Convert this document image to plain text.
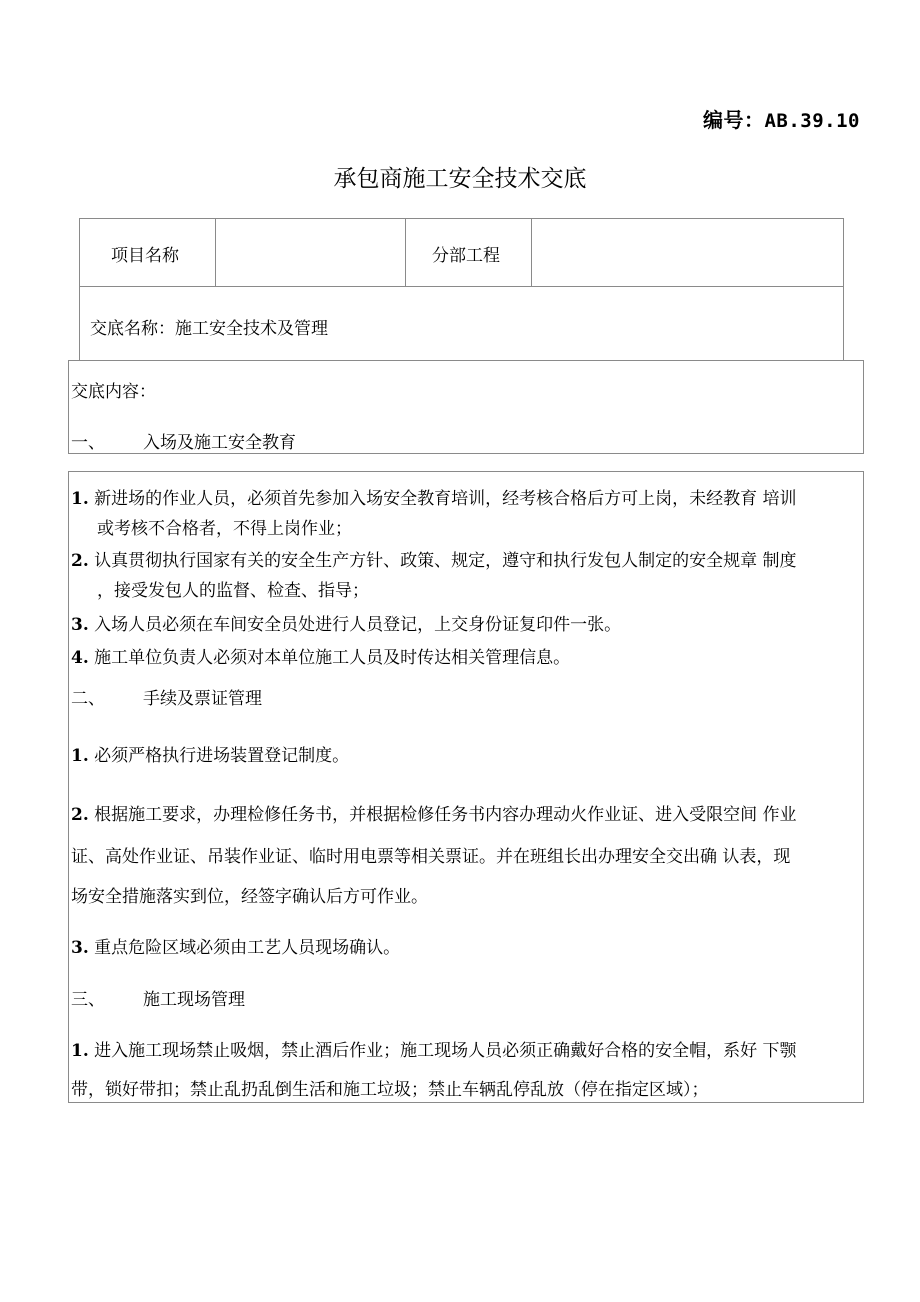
编号：AB.39.10
承包商施工安全技术交底
项目名称	分部工程
交底名称：施工安全技术及管理
交底内容：
一、 入场及施工安全教育
1. 新进场的作业人员，必须首先参加入场安全教育培训，经考核合格后方可上岗，未经教育 培训
或考核不合格者，不得上岗作业；
2. 认真贯彻执行国家有关的安全生产方针、政策、规定，遵守和执行发包人制定的安全规章 制度
，接受发包人的监督、检查、指导；
3. 入场人员必须在车间安全员处进行人员登记，上交身份证复印件一张。
4. 施工单位负责人必须对本单位施工人员及时传达相关管理信息。
二、 手续及票证管理
1. 必须严格执行进场装置登记制度。
2. 根据施工要求，办理检修任务书，并根据检修任务书内容办理动火作业证、进入受限空间 作业
证、高处作业证、吊装作业证、临时用电票等相关票证。并在班组长出办理安全交出确 认表，现
场安全措施落实到位，经签字确认后方可作业。
3. 重点危险区域必须由工艺人员现场确认。
三、 施工现场管理
1. 进入施工现场禁止吸烟，禁止酒后作业；施工现场人员必须正确戴好合格的安全帽，系好 下颚
带，锁好带扣；禁止乱扔乱倒生活和施工垃圾；禁止车辆乱停乱放（停在指定区域）；
